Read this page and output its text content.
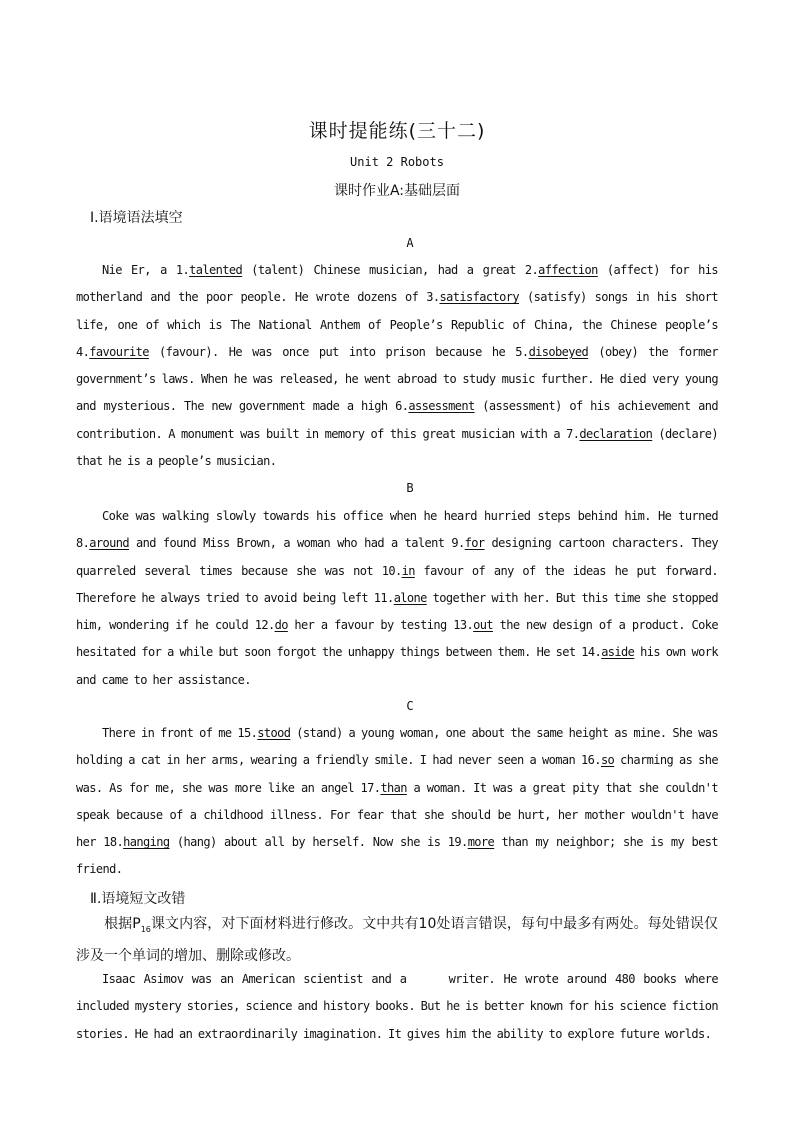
课时提能练(三十二)
Unit 2 Robots
课时作业A:基础层面
Ⅰ.语境语法填空
A
Nie Er, a 1.talented (talent) Chinese musician, had a great 2.affection (affect) for his motherland and the poor people. He wrote dozens of 3.satisfactory (satisfy) songs in his short life, one of which is The National Anthem of People’s Republic of China, the Chinese people’s 4.favourite (favour). He was once put into prison because he 5.disobeyed (obey) the former government’s laws. When he was released, he went abroad to study music further. He died very young and mysterious. The new government made a high 6.assessment (assessment) of his achievement and contribution. A monument was built in memory of this great musician with a 7.declaration (declare) that he is a people’s musician.
B
Coke was walking slowly towards his office when he heard hurried steps behind him. He turned 8.around and found Miss Brown, a woman who had a talent 9.for designing cartoon characters. They quarreled several times because she was not 10.in favour of any of the ideas he put forward. Therefore he always tried to avoid being left 11.alone together with her. But this time she stopped him, wondering if he could 12.do her a favour by testing 13.out the new design of a product. Coke hesitated for a while but soon forgot the unhappy things between them. He set 14.aside his own work and came to her assistance.
C
There in front of me 15.stood (stand) a young woman, one about the same height as mine. She was holding a cat in her arms, wearing a friendly smile. I had never seen a woman 16.so charming as she was. As for me, she was more like an angel 17.than a woman. It was a great pity that she couldn't speak because of a childhood illness. For fear that she should be hurt, her mother wouldn't have her 18.hanging (hang) about all by herself. Now she is 19.more than my neighbor; she is my best friend.
Ⅱ.语境短文改错
根据$P_{16}$课文内容，对下面材料进行修改。文中共有10处语言错误，每句中最多有两处。每处错误仅涉及一个单词的增加、删除或修改。
Isaac Asimov was an American scientist and a     writer. He wrote around 480 books where included mystery stories, science and history books. But he is better known for his science fiction stories. He had an extraordinarily imagination. It gives him the ability to explore future worlds.
